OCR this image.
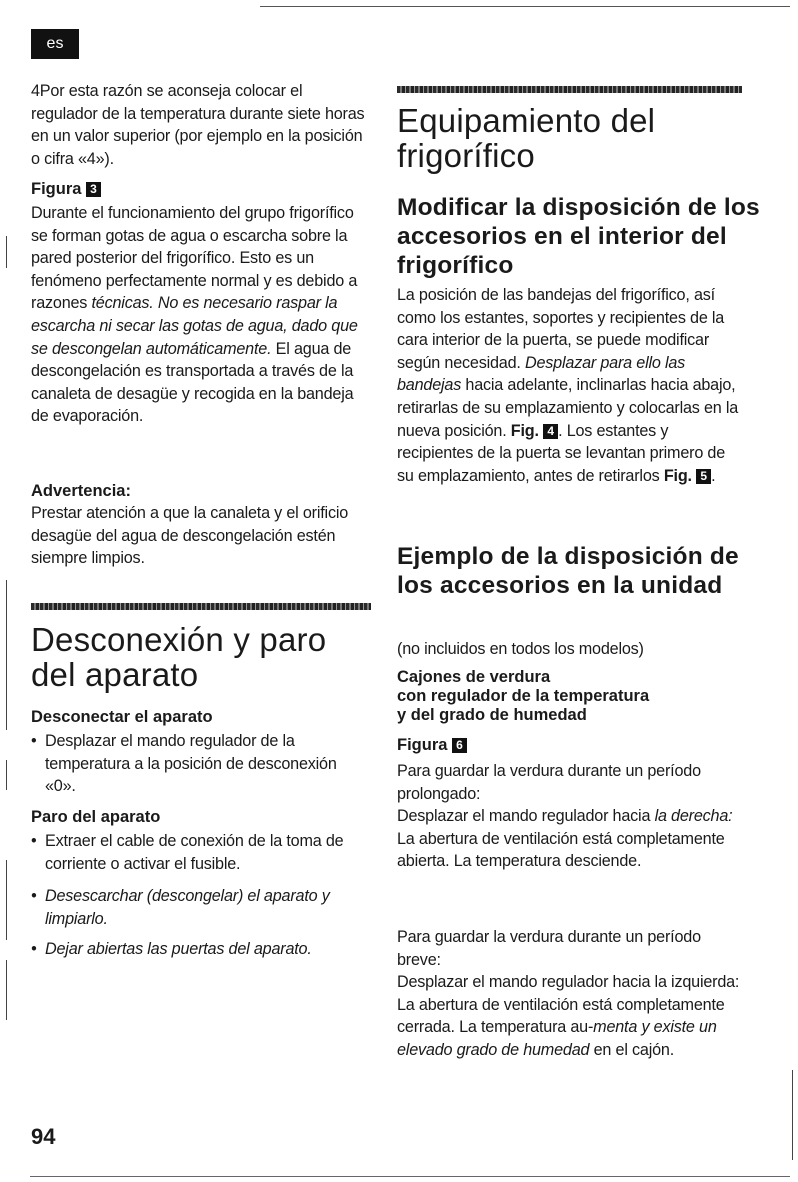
es

4Por esta razón se aconseja colocar el regulador de la temperatura durante siete horas en un valor superior (por ejemplo en la posición o cifra «4»).

Figura 3

Durante el funcionamiento del grupo frigorífico se forman gotas de agua o escarcha sobre la pared posterior del frigorífico. Esto es un fenómeno perfectamente normal y es debido a razones técnicas. No es necesario raspar la escarcha ni secar las gotas de agua, dado que se descongelan automáticamente. El agua de descongelación es transportada a través de la canaleta de desagüe y recogida en la bandeja de evaporación.

Advertencia:

Prestar atención a que la canaleta y el orificio desagüe del agua de descongelación estén siempre limpios.

Desconexión y paro del aparato
Desconectar el aparato

• Desplazar el mando regulador de la temperatura a la posición de desconexión «0».

Paro del aparato

• Extraer el cable de conexión de la toma de corriente o activar el fusible.

• Desescarchar (descongelar) el aparato y limpiarlo.

• Dejar abiertas las puertas del aparato.

Equipamiento del frigorífico
Modificar la disposición de los accesorios en el interior del frigorífico

La posición de las bandejas del frigorífico, así como los estantes, soportes y recipientes de la cara interior de la puerta, se puede modificar según necesidad. Desplazar para ello las bandejas hacia adelante, inclinarlas hacia abajo, retirarlas de su emplazamiento y colocarlas en la nueva posición. Fig. 4 . Los estantes y recipientes de la puerta se levantan primero de su emplazamiento, antes de retirarlos Fig. 5 .

Ejemplo de la disposición de los accesorios en la unidad

(no incluidos en todos los modelos)

Cajones de verdura
con regulador de la temperatura
y del grado de humedad
Figura 6
Para guardar la verdura durante un período prolongado:
Desplazar el mando regulador hacia la derecha:
La abertura de ventilación está completamente abierta. La temperatura desciende.
Para guardar la verdura durante un período breve:
Desplazar el mando regulador hacia la izquierda:
La abertura de ventilación está completamente cerrada. La temperatura au-menta y existe un elevado grado de humedad en el cajón.
94
